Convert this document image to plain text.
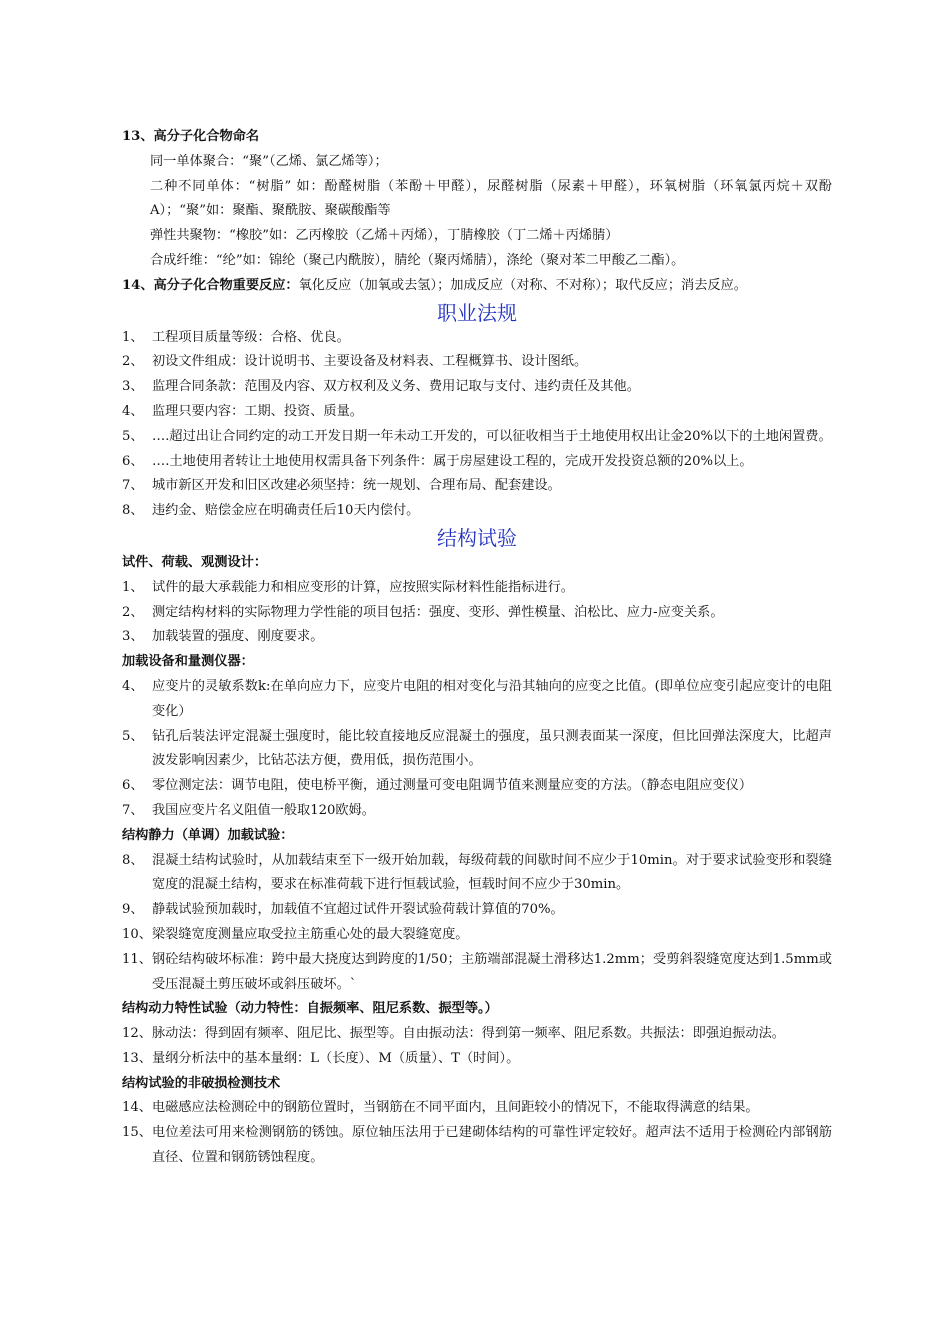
13、高分子化合物命名
同一单体聚合：“聚”（乙烯、氯乙烯等）；
二种不同单体：“树脂” 如：酚醛树脂（苯酚＋甲醛），尿醛树脂（尿素＋甲醛），环氧树脂（环氧氯丙烷＋双酚A）；“聚”如：聚酯、聚酰胺、聚碳酸酯等
弹性共聚物：“橡胶”如：乙丙橡胶（乙烯＋丙烯），丁腈橡胶（丁二烯＋丙烯腈）
合成纤维：“纶”如：锦纶（聚己内酰胺），腈纶（聚丙烯腈），涤纶（聚对苯二甲酸乙二酯）。
14、高分子化合物重要反应：氧化反应（加氧或去氢）；加成反应（对称、不对称）；取代反应；消去反应。
职业法规
1、 工程项目质量等级：合格、优良。
2、 初设文件组成：设计说明书、主要设备及材料表、工程概算书、设计图纸。
3、 监理合同条款：范围及内容、双方权利及义务、费用记取与支付、违约责任及其他。
4、 监理只要内容：工期、投资、质量。
5、 ….超过出让合同约定的动工开发日期一年未动工开发的，可以征收相当于土地使用权出让金20%以下的土地闲置费。
6、 ….土地使用者转让土地使用权需具备下列条件：属于房屋建设工程的，完成开发投资总额的20%以上。
7、 城市新区开发和旧区改建必须坚持：统一规划、合理布局、配套建设。
8、 违约金、赔偿金应在明确责任后10天内偿付。
结构试验
试件、荷载、观测设计：
1、 试件的最大承载能力和相应变形的计算，应按照实际材料性能指标进行。
2、 测定结构材料的实际物理力学性能的项目包括：强度、变形、弹性模量、泊松比、应力-应变关系。
3、 加载装置的强度、刚度要求。
加载设备和量测仪器：
4、 应变片的灵敏系数k:在单向应力下，应变片电阻的相对变化与沿其轴向的应变之比值。(即单位应变引起应变计的电阻变化）
5、 钻孔后装法评定混凝土强度时，能比较直接地反应混凝土的强度，虽只测表面某一深度，但比回弹法深度大，比超声波发影响因素少，比钻芯法方便，费用低，损伤范围小。
6、 零位测定法：调节电阻，使电桥平衡，通过测量可变电阻调节值来测量应变的方法。（静态电阻应变仪）
7、 我国应变片名义阻值一般取120欧姆。
结构静力（单调）加载试验：
8、 混凝土结构试验时，从加载结束至下一级开始加载，每级荷载的间歇时间不应少于10min。对于要求试验变形和裂缝宽度的混凝土结构，要求在标准荷载下进行恒载试验，恒载时间不应少于30min。
9、 静载试验预加载时，加载值不宜超过试件开裂试验荷载计算值的70%。
10、 梁裂缝宽度测量应取受拉主筋重心处的最大裂缝宽度。
11、 钢砼结构破坏标准：跨中最大挠度达到跨度的1/50；主筋端部混凝土滑移达1.2mm；受剪斜裂缝宽度达到1.5mm或受压混凝土剪压破坏或斜压破坏。`
结构动力特性试验（动力特性：自振频率、阻尼系数、振型等。）
12、 脉动法：得到固有频率、阻尼比、振型等。自由振动法：得到第一频率、阻尼系数。共振法：即强迫振动法。
13、 量纲分析法中的基本量纲：L（长度）、M（质量）、T（时间）。
结构试验的非破损检测技术
14、 电磁感应法检测砼中的钢筋位置时，当钢筋在不同平面内，且间距较小的情况下，不能取得满意的结果。
15、 电位差法可用来检测钢筋的锈蚀。原位轴压法用于已建砌体结构的可靠性评定较好。超声法不适用于检测砼内部钢筋直径、位置和钢筋锈蚀程度。
